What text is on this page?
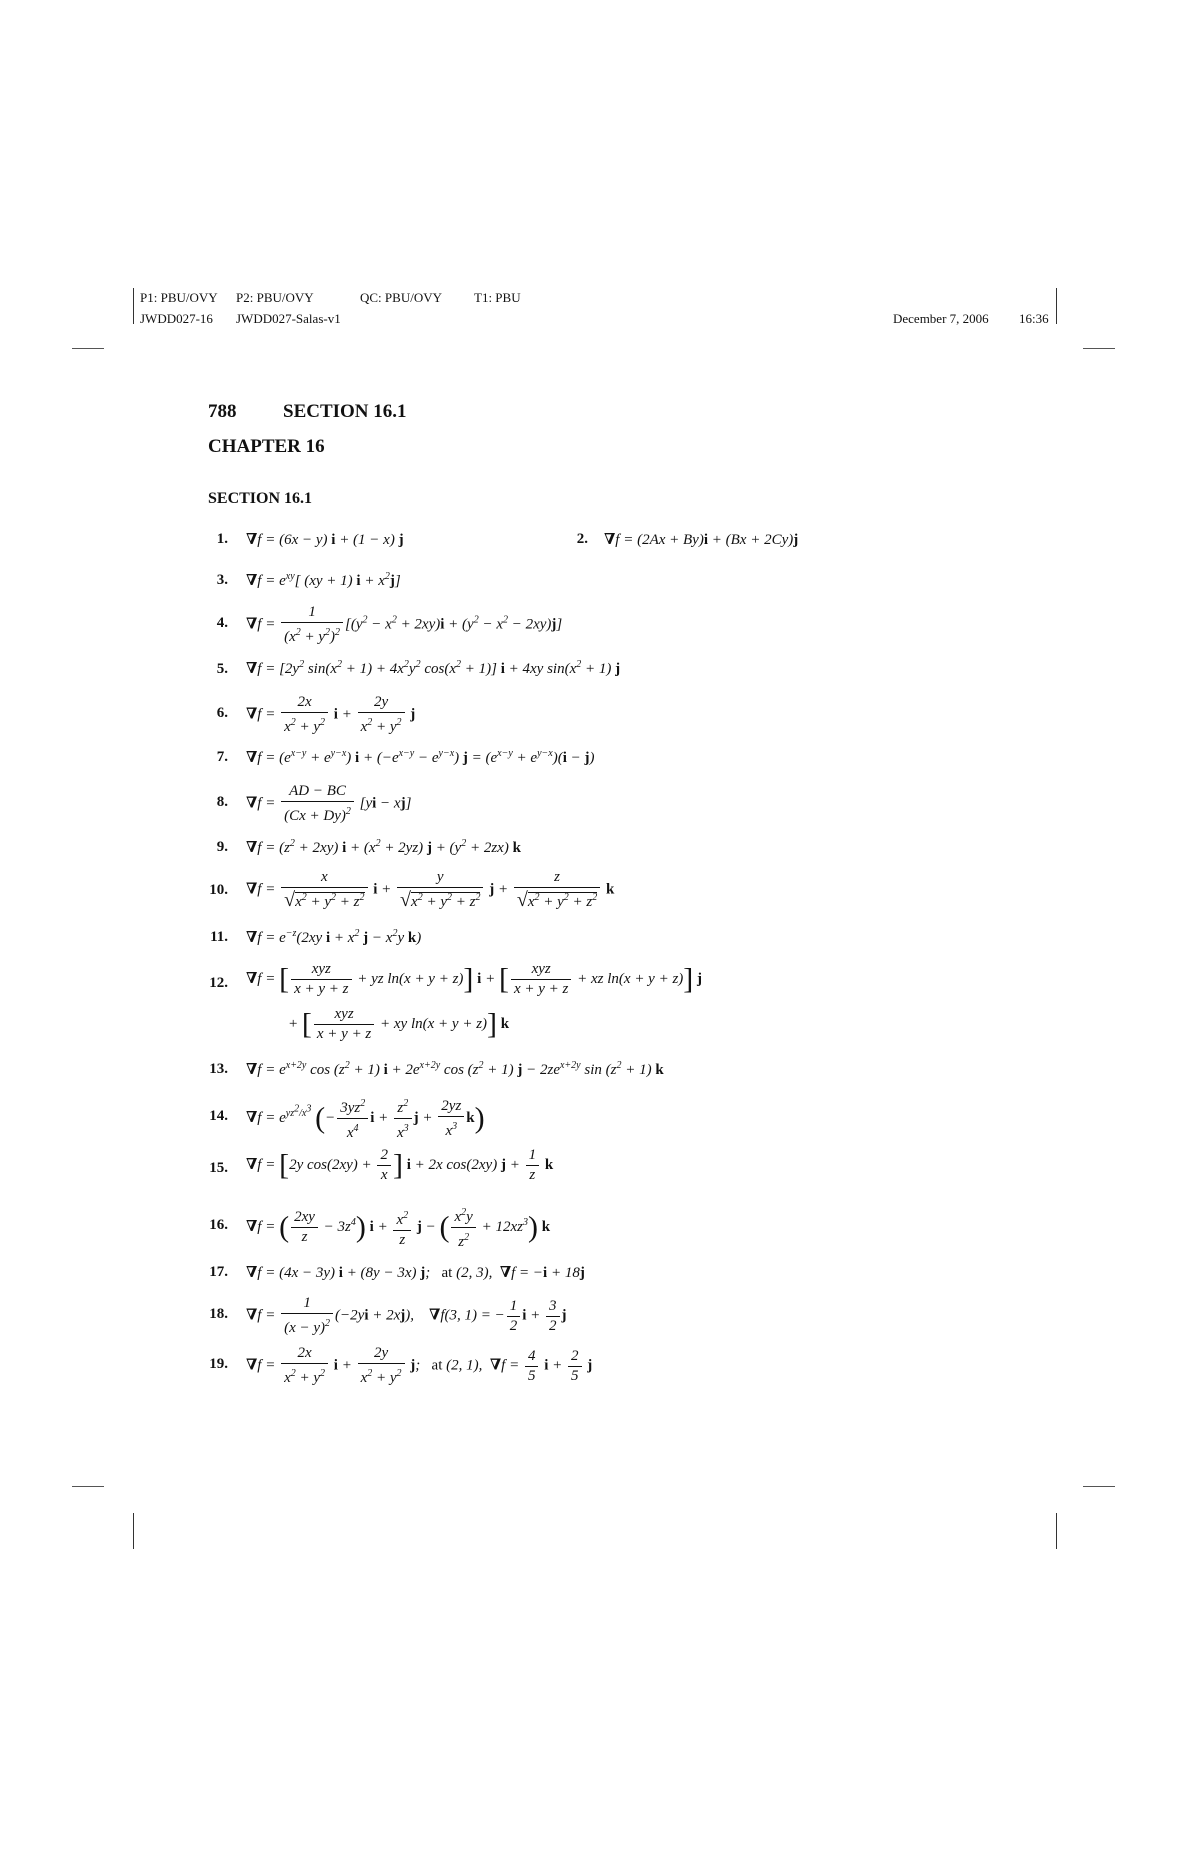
P1: PBU/OVY P2: PBU/OVY	QC: PBU/OVY T1: PBU
JWDD027-16 JWDD027-Salas-v1	December 7, 2006 16:36
788 SECTION 16.1
CHAPTER 16
SECTION 16.1
1.	2.
3.
4.
5.
6.
7.
8.
9.
10.
11.
12.
13.
14.
15.
16.
17.
18.
19.
∇f = (6x − y) i + (1 − x) j	∇f = (2Ax + By)i + (Bx + 2Cy)j
$\nabla f = e^{xy}$[ (xy + 1) $i + x^2j$]
$\nabla f = \frac{1}{(x^2 + y^2)^2} [(y^2 - x^2 + 2xy)i + (y^2 - x^2 - 2xy)j]$
$\nabla f = [2y^2$ $\sin(x^2 + 1) + 4x^2y^2$ $\cos(x^2 + 1)$] i + 4xy $\sin(x^2 + 1)$ j
$\nabla f = \frac{2x}{x^2 + y^2}$ $i + \frac{2y}{x^2 + y^2}$ j
$\nabla f = (e^{x-y} + e^{y-x}) i + (-e^{x-y} - e^{y-x}) j = (e^{x-y} + e^{y-x})(i - j)$
$\nabla f = \frac{AD - BC}{(Cx + Dy)^2} [yi - xj]$
$\nabla f = (z^2 + 2xy) i + (x^2 + 2yz) j + (y^2 + 2zx)$ k
$\nabla f = \frac{x}{√x^2 + y^2 + z^2}$ $i + \frac{y}{√x^2 + y^2 + z^2}$ $j + \frac{z}{√x^2 + y^2 + z^2}$ k
$\nabla f = e^{-z}(2xy$ $i + x^2$ $j - x^2y$ k)
∇f = [ $\frac{\text{xyz}}{x + y + z}$ + yz ln(x + y + z)] i + [ $\frac{\text{xyz}}{x + y + z}$ + xz ln(x + y + z)] j
+ [ $\frac{\text{xyz}}{x + y + z}$ + xy ln(x + y + z)] k
$\nabla f = e^{x+2y}$ $\cos (z^2 + 1) i + 2e^{x+2y}$ $\cos (z^2 + 1) j - 2ze^{x+2y}$ $\sin (z^2 + 1)$ k
$\nabla f = e^{yz^2/x^3}$ (− $\frac{3yz^2}{x^4}$ $i + \frac{z^2}{x^3}$ $j + \frac{2yz}{x^3} k$)
∇f = [2y $\cos(2xy) + \frac{2}{x}$ ] i + 2x cos(2xy) $j + \frac{1}{z}$ k
∇f = ( $\frac{2xy}{z} - 3z^4$) $i + \frac{x^2}{z}$ j − ( $\frac{x^2y}{z^2} + 12xz^3$) k
∇f = (4x − 3y) i + (8y − 3x) j;   at (2, 3),  ∇f = −i + 18j
$\nabla f = \frac{1}{(x - y)^2} (-2yi + 2xj)$,    ∇f(3, 1) = − $\frac{1}{2}$ $i + \frac{3}{2}$ j
$\nabla f = \frac{2x}{x^2 + y^2}$ $i + \frac{2y}{x^2 + y^2} j$;   at (2, 1),  $\nabla f = \frac{4}{5}$ $i + \frac{2}{5}$ j
